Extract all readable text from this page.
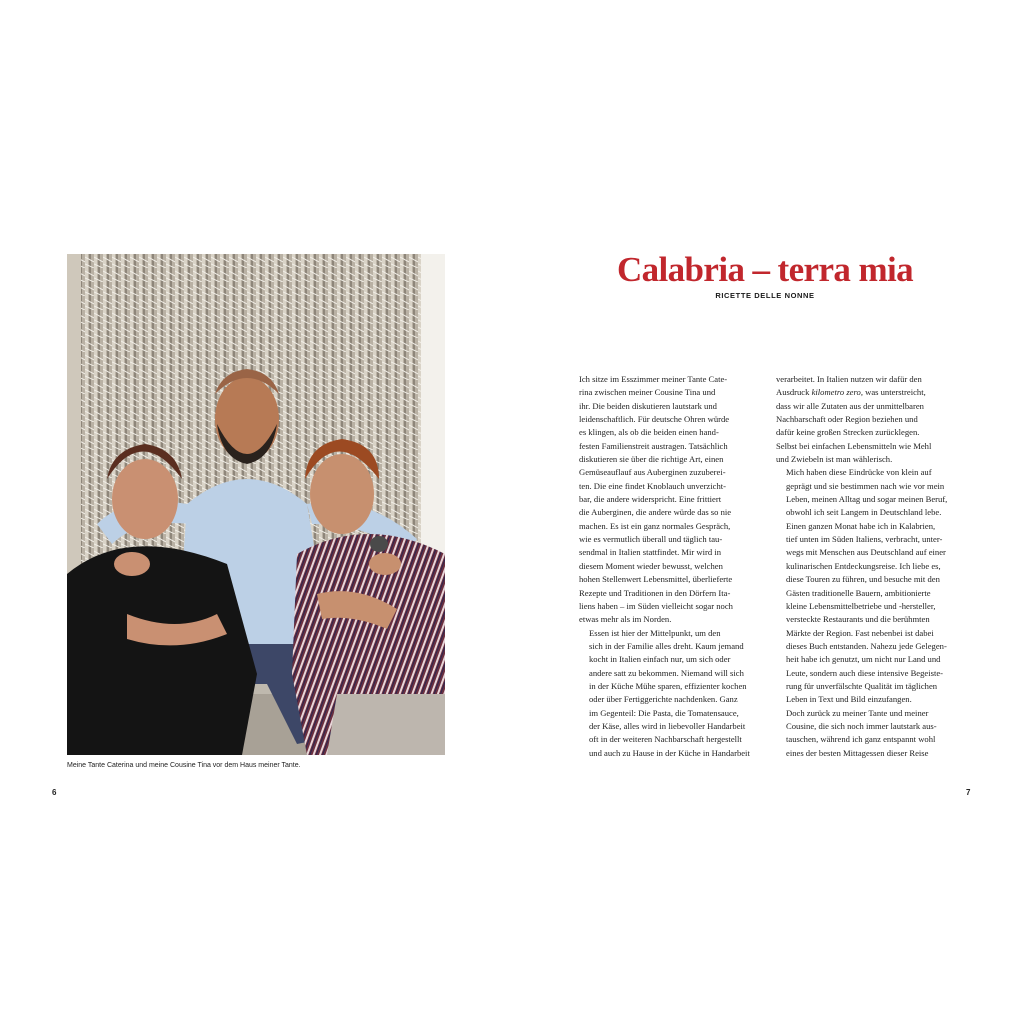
Meine Tante Caterina und meine Cousine Tina vor dem Haus meiner Tante.
6
Calabria – terra mia
RICETTE DELLE NONNE

Ich sitze im Esszimmer meiner Tante Cate-
rina zwischen meiner Cousine Tina und
ihr. Die beiden diskutieren lautstark und
leidenschaftlich. Für deutsche Ohren würde
es klingen, als ob die beiden einen hand-
festen Familienstreit austragen. Tatsächlich
diskutieren sie über die richtige Art, einen
Gemüseauflauf aus Auberginen zuzuberei-
ten. Die eine findet Knoblauch unverzicht-
bar, die andere widerspricht. Eine frittiert
die Auberginen, die andere würde das so nie
machen. Es ist ein ganz normales Gespräch,
wie es vermutlich überall und täglich tau-
sendmal in Italien stattfindet. Mir wird in
diesem Moment wieder bewusst, welchen
hohen Stellenwert Lebensmittel, überlieferte
Rezepte und Traditionen in den Dörfern Ita-
liens haben – im Süden vielleicht sogar noch
etwas mehr als im Norden.

Essen ist hier der Mittelpunkt, um den
sich in der Familie alles dreht. Kaum jemand
kocht in Italien einfach nur, um sich oder
andere satt zu bekommen. Niemand will sich
in der Küche Mühe sparen, effizienter kochen
oder über Fertiggerichte nachdenken. Ganz
im Gegenteil: Die Pasta, die Tomatensauce,
der Käse, alles wird in liebevoller Handarbeit
oft in der weiteren Nachbarschaft hergestellt
und auch zu Hause in der Küche in Handarbeit

verarbeitet. In Italien nutzen wir dafür den
Ausdruck kilometro zero, was unterstreicht,
dass wir alle Zutaten aus der unmittelbaren
Nachbarschaft oder Region beziehen und
dafür keine großen Strecken zurücklegen.
Selbst bei einfachen Lebensmitteln wie Mehl
und Zwiebeln ist man wählerisch.

Mich haben diese Eindrücke von klein auf
geprägt und sie bestimmen nach wie vor mein
Leben, meinen Alltag und sogar meinen Beruf,
obwohl ich seit Langem in Deutschland lebe.

Einen ganzen Monat habe ich in Kalabrien,
tief unten im Süden Italiens, verbracht, unter-
wegs mit Menschen aus Deutschland auf einer
kulinarischen Entdeckungsreise. Ich liebe es,
diese Touren zu führen, und besuche mit den
Gästen traditionelle Bauern, ambitionierte
kleine Lebensmittelbetriebe und -hersteller,
versteckte Restaurants und die berühmten
Märkte der Region. Fast nebenbei ist dabei
dieses Buch entstanden. Nahezu jede Gelegen-
heit habe ich genutzt, um nicht nur Land und
Leute, sondern auch diese intensive Begeiste-
rung für unverfälschte Qualität im täglichen
Leben in Text und Bild einzufangen.

Doch zurück zu meiner Tante und meiner
Cousine, die sich noch immer lautstark aus-
tauschen, während ich ganz entspannt wohl
eines der besten Mittagessen dieser Reise

7
